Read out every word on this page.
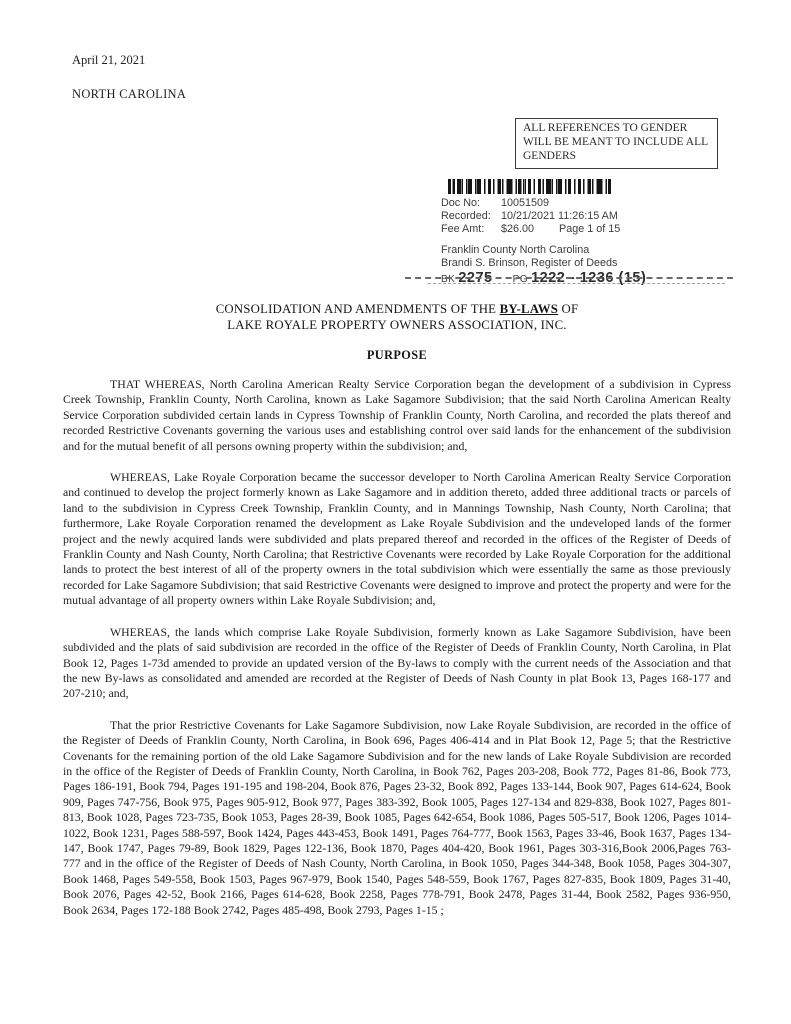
April 21, 2021
NORTH CAROLINA
ALL REFERENCES TO GENDER WILL BE MEANT TO INCLUDE ALL GENDERS
Doc No: 10051509
Recorded: 10/21/2021 11:26:15 AM
Fee Amt: $26.00 Page 1 of 15
Franklin County North Carolina
Brandi S. Brinson, Register of Deeds
BK 2275 PG 1222 - 1236 (15)
CONSOLIDATION AND AMENDMENTS OF THE BY-LAWS OF
LAKE ROYALE PROPERTY OWNERS ASSOCIATION, INC.
PURPOSE

THAT WHEREAS, North Carolina American Realty Service Corporation began the development of a subdivision in Cypress Creek Township, Franklin County, North Carolina, known as Lake Sagamore Subdivision; that the said North Carolina American Realty Service Corporation subdivided certain lands in Cypress Township of Franklin County, North Carolina, and recorded the plats thereof and recorded Restrictive Covenants governing the various uses and establishing control over said lands for the enhancement of the subdivision and for the mutual benefit of all persons owning property within the subdivision; and,

WHEREAS, Lake Royale Corporation became the successor developer to North Carolina American Realty Service Corporation and continued to develop the project formerly known as Lake Sagamore and in addition thereto, added three additional tracts or parcels of land to the subdivision in Cypress Creek Township, Franklin County, and in Mannings Township, Nash County, North Carolina; that furthermore, Lake Royale Corporation renamed the development as Lake Royale Subdivision and the undeveloped lands of the former project and the newly acquired lands were subdivided and plats prepared thereof and recorded in the offices of the Register of Deeds of Franklin County and Nash County, North Carolina; that Restrictive Covenants were recorded by Lake Royale Corporation for the additional lands to protect the best interest of all of the property owners in the total subdivision which were essentially the same as those previously recorded for Lake Sagamore Subdivision; that said Restrictive Covenants were designed to improve and protect the property and were for the mutual advantage of all property owners within Lake Royale Subdivision; and,

WHEREAS, the lands which comprise Lake Royale Subdivision, formerly known as Lake Sagamore Subdivision, have been subdivided and the plats of said subdivision are recorded in the office of the Register of Deeds of Franklin County, North Carolina, in Plat Book 12, Pages 1-73d amended to provide an updated version of the By-laws to comply with the current needs of the Association and that the new By-laws as consolidated and amended are recorded at the Register of Deeds of Nash County in plat Book 13, Pages 168-177 and 207-210; and,

That the prior Restrictive Covenants for Lake Sagamore Subdivision, now Lake Royale Subdivision, are recorded in the office of the Register of Deeds of Franklin County, North Carolina, in Book 696, Pages 406-414 and in Plat Book 12, Page 5; that the Restrictive Covenants for the remaining portion of the old Lake Sagamore Subdivision and for the new lands of Lake Royale Subdivision are recorded in the office of the Register of Deeds of Franklin County, North Carolina, in Book 762, Pages 203-208, Book 772, Pages 81-86, Book 773, Pages 186-191, Book 794, Pages 191-195 and 198-204, Book 876, Pages 23-32, Book 892, Pages 133-144, Book 907, Pages 614-624, Book 909, Pages 747-756, Book 975, Pages 905-912, Book 977, Pages 383-392, Book 1005, Pages 127-134 and 829-838, Book 1027, Pages 801-813, Book 1028, Pages 723-735, Book 1053, Pages 28-39, Book 1085, Pages 642-654, Book 1086, Pages 505-517, Book 1206, Pages 1014-1022, Book 1231, Pages 588-597, Book 1424, Pages 443-453, Book 1491, Pages 764-777, Book 1563, Pages 33-46, Book 1637, Pages 134-147, Book 1747, Pages 79-89, Book 1829, Pages 122-136, Book 1870, Pages 404-420, Book 1961, Pages 303-316,Book 2006,Pages 763-777 and in the office of the Register of Deeds of Nash County, North Carolina, in Book 1050, Pages 344-348, Book 1058, Pages 304-307, Book 1468, Pages 549-558, Book 1503, Pages 967-979, Book 1540, Pages 548-559, Book 1767, Pages 827-835, Book 1809, Pages 31-40, Book 2076, Pages 42-52, Book 2166, Pages 614-628, Book 2258, Pages 778-791, Book 2478, Pages 31-44, Book 2582, Pages 936-950, Book 2634, Pages 172-188 Book 2742, Pages 485-498, Book 2793, Pages 1-15 ;
